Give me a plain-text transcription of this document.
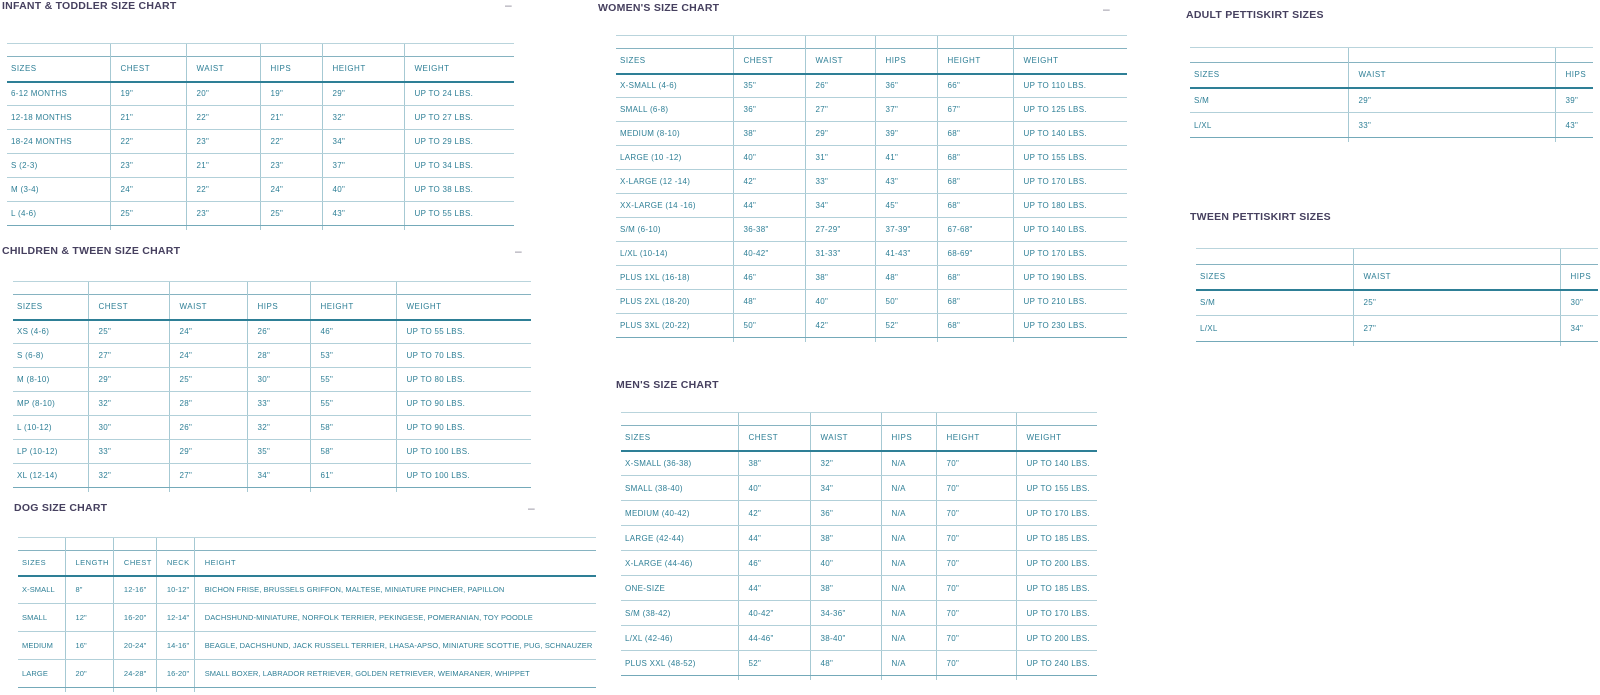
INFANT & TODDLER SIZE CHART	–

SIZES	CHEST	WAIST	HIPS	HEIGHT	WEIGHT
6-12 MONTHS	19"	20"	19"	29"	UP TO 24 LBS.
12-18 MONTHS	21"	22"	21"	32"	UP TO 27 LBS.
18-24 MONTHS	22"	23"	22"	34"	UP TO 29 LBS.
S (2-3)	23"	21"	23"	37"	UP TO 34 LBS.
M (3-4)	24"	22"	24"	40"	UP TO 38 LBS.
L (4-6)	25"	23"	25"	43"	UP TO 55 LBS.

CHILDREN & TWEEN SIZE CHART	–

SIZES	CHEST	WAIST	HIPS	HEIGHT	WEIGHT
XS (4-6)	25"	24"	26"	46"	UP TO 55 LBS.
S (6-8)	27"	24"	28"	53"	UP TO 70 LBS.
M (8-10)	29"	25"	30"	55"	UP TO 80 LBS.
MP (8-10)	32"	28"	33"	55"	UP TO 90 LBS.
L (10-12)	30"	26"	32"	58"	UP TO 90 LBS.
LP (10-12)	33"	29"	35"	58"	UP TO 100 LBS.
XL (12-14)	32"	27"	34"	61"	UP TO 100 LBS.

DOG SIZE CHART	–

SIZES	LENGTH	CHEST	NECK	HEIGHT
X-SMALL	8"	12-16"	10-12"	BICHON FRISE, BRUSSELS GRIFFON, MALTESE, MINIATURE PINCHER, PAPILLON
SMALL	12"	16-20"	12-14"	DACHSHUND-MINIATURE, NORFOLK TERRIER, PEKINGESE, POMERANIAN, TOY POODLE
MEDIUM	16"	20-24"	14-16"	BEAGLE, DACHSHUND, JACK RUSSELL TERRIER, LHASA-APSO, MINIATURE SCOTTIE, PUG, SCHNAUZER
LARGE	20"	24-28"	16-20"	SMALL BOXER, LABRADOR RETRIEVER, GOLDEN RETRIEVER, WEIMARANER, WHIPPET

WOMEN'S SIZE CHART	–

SIZES	CHEST	WAIST	HIPS	HEIGHT	WEIGHT
X-SMALL (4-6)	35"	26"	36"	66"	UP TO 110 LBS.
SMALL (6-8)	36"	27"	37"	67"	UP TO 125 LBS.
MEDIUM (8-10)	38"	29"	39"	68"	UP TO 140 LBS.
LARGE (10 -12)	40"	31"	41"	68"	UP TO 155 LBS.
X-LARGE (12 -14)	42"	33"	43"	68"	UP TO 170 LBS.
XX-LARGE (14 -16)	44"	34"	45"	68"	UP TO 180 LBS.
S/M (6-10)	36-38"	27-29"	37-39"	67-68"	UP TO 140 LBS.
L/XL (10-14)	40-42"	31-33"	41-43"	68-69"	UP TO 170 LBS.
PLUS 1XL (16-18)	46"	38"	48"	68"	UP TO 190 LBS.
PLUS 2XL (18-20)	48"	40"	50"	68"	UP TO 210 LBS.
PLUS 3XL (20-22)	50"	42"	52"	68"	UP TO 230 LBS.

MEN'S SIZE CHART

SIZES	CHEST	WAIST	HIPS	HEIGHT	WEIGHT
X-SMALL (36-38)	38"	32"	N/A	70"	UP TO 140 LBS.
SMALL (38-40)	40"	34"	N/A	70"	UP TO 155 LBS.
MEDIUM (40-42)	42"	36"	N/A	70"	UP TO 170 LBS.
LARGE (42-44)	44"	38"	N/A	70"	UP TO 185 LBS.
X-LARGE (44-46)	46"	40"	N/A	70"	UP TO 200 LBS.
ONE-SIZE	44"	38"	N/A	70"	UP TO 185 LBS.
S/M (38-42)	40-42"	34-36"	N/A	70"	UP TO 170 LBS.
L/XL (42-46)	44-46"	38-40"	N/A	70"	UP TO 200 LBS.
PLUS XXL (48-52)	52"	48"	N/A	70"	UP TO 240 LBS.

ADULT PETTISKIRT SIZES

SIZES	WAIST	HIPS
S/M	29"	39"
L/XL	33"	43"

TWEEN PETTISKIRT SIZES

SIZES	WAIST	HIPS
S/M	25"	30"
L/XL	27"	34"
